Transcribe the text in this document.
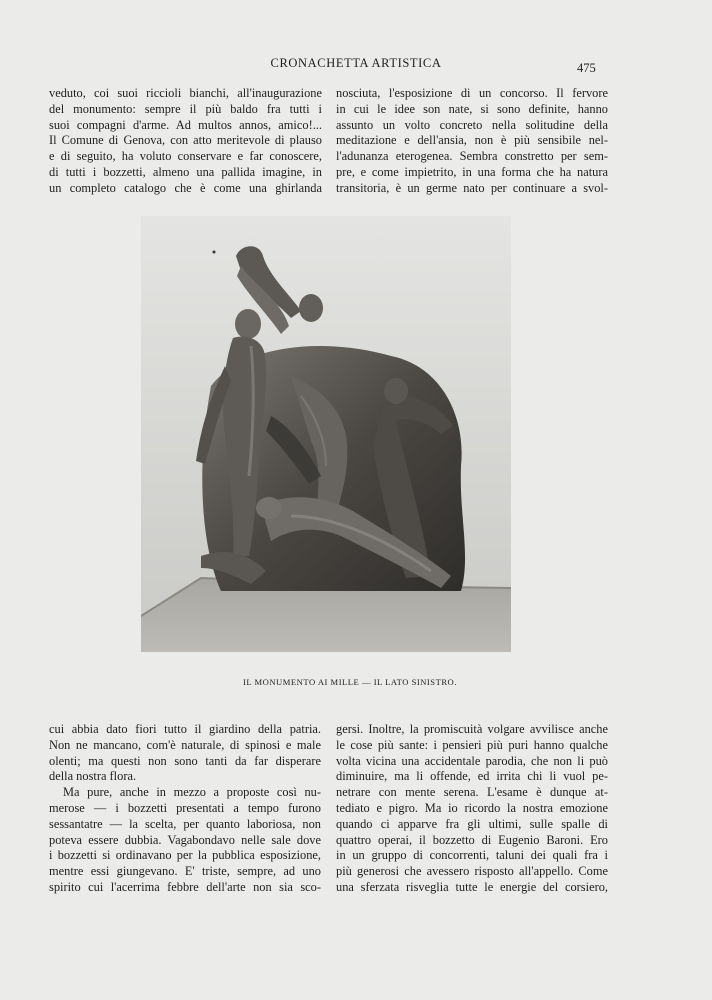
CRONACHETTA ARTISTICA	475
veduto, coi suoi riccioli bianchi, all'inaugurazione
del monumento: sempre il più baldo fra tutti i
suoi compagni d'arme. Ad multos annos, amico!...
Il Comune di Genova, con atto meritevole di plauso
e di seguito, ha voluto conservare e far conoscere,
di tutti i bozzetti, almeno una pallida imagine, in
un completo catalogo che è come una ghirlanda
nosciuta, l'esposizione di un concorso. Il fervore
in cui le idee son nate, si sono definite, hanno
assunto un volto concreto nella solitudine della
meditazione e dell'ansia, non è più sensibile nel-
l'adunanza eterogenea. Sembra constretto per sem-
pre, e come impietrito, in una forma che ha natura
transitoria, è un germe nato per continuare a svol-
IL MONUMENTO AI MILLE — IL LATO SINISTRO.
cui abbia dato fiori tutto il giardino della patria.
Non ne mancano, com'è naturale, di spinosi e male
olenti; ma questi non sono tanti da far disperare
della nostra flora.
Ma pure, anche in mezzo a proposte così nu-
merose — i bozzetti presentati a tempo furono
sessantatre — la scelta, per quanto laboriosa, non
poteva essere dubbia. Vagabondavo nelle sale dove
i bozzetti si ordinavano per la pubblica esposizione,
mentre essi giungevano. E' triste, sempre, ad uno
spirito cui l'acerrima febbre dell'arte non sia sco-
gersi. Inoltre, la promiscuità volgare avvilisce anche
le cose più sante: i pensieri più puri hanno qualche
volta vicina una accidentale parodia, che non li può
diminuire, ma li offende, ed irrita chi li vuol pe-
netrare con mente serena. L'esame è dunque at-
tediato e pigro. Ma io ricordo la nostra emozione
quando ci apparve fra gli ultimi, sulle spalle di
quattro operai, il bozzetto di Eugenio Baroni. Ero
in un gruppo di concorrenti, taluni dei quali fra i
più generosi che avessero risposto all'appello. Come
una sferzata risveglia tutte le energie del corsiero,
